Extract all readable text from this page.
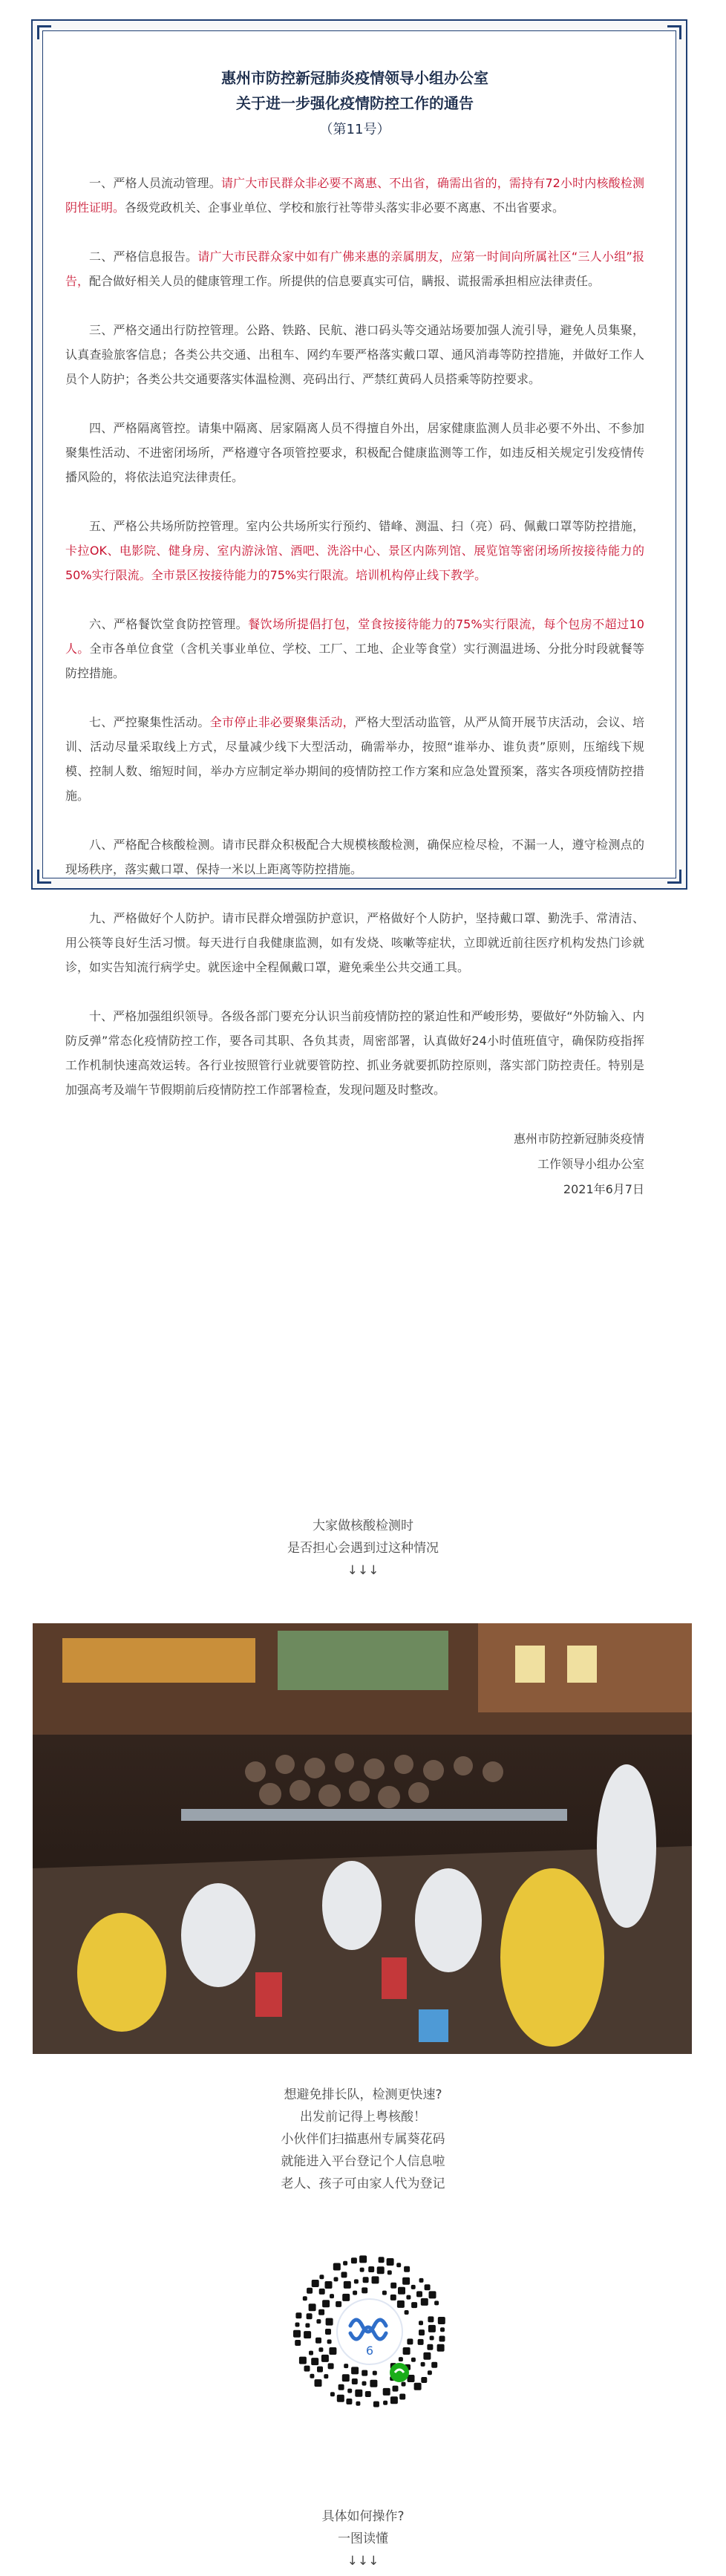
惠州市防控新冠肺炎疫情领导小组办公室

关于进一步强化疫情防控工作的通告

（第11号）

一、严格人员流动管理。请广大市民群众非必要不离惠、不出省，确需出省的，需持有72小时内核酸检测阴性证明。各级党政机关、企事业单位、学校和旅行社等带头落实非必要不离惠、不出省要求。

二、严格信息报告。请广大市民群众家中如有广佛来惠的亲属朋友，应第一时间向所属社区“三人小组”报告，配合做好相关人员的健康管理工作。所提供的信息要真实可信，瞒报、谎报需承担相应法律责任。

三、严格交通出行防控管理。公路、铁路、民航、港口码头等交通站场要加强人流引导，避免人员集聚，认真查验旅客信息；各类公共交通、出租车、网约车要严格落实戴口罩、通风消毒等防控措施，并做好工作人员个人防护；各类公共交通要落实体温检测、亮码出行、严禁红黄码人员搭乘等防控要求。

四、严格隔离管控。请集中隔离、居家隔离人员不得擅自外出，居家健康监测人员非必要不外出、不参加聚集性活动、不进密闭场所，严格遵守各项管控要求，积极配合健康监测等工作，如违反相关规定引发疫情传播风险的，将依法追究法律责任。

五、严格公共场所防控管理。室内公共场所实行预约、错峰、测温、扫（亮）码、佩戴口罩等防控措施，卡拉OK、电影院、健身房、室内游泳馆、酒吧、洗浴中心、景区内陈列馆、展览馆等密闭场所按接待能力的50%实行限流。全市景区按接待能力的75%实行限流。培训机构停止线下教学。

六、严格餐饮堂食防控管理。餐饮场所提倡打包，堂食按接待能力的75%实行限流，每个包房不超过10人。全市各单位食堂（含机关事业单位、学校、工厂、工地、企业等食堂）实行测温进场、分批分时段就餐等防控措施。

七、严控聚集性活动。全市停止非必要聚集活动，严格大型活动监管，从严从简开展节庆活动，会议、培训、活动尽量采取线上方式，尽量减少线下大型活动，确需举办，按照“谁举办、谁负责”原则，压缩线下规模、控制人数、缩短时间，举办方应制定举办期间的疫情防控工作方案和应急处置预案，落实各项疫情防控措施。

八、严格配合核酸检测。请市民群众积极配合大规模核酸检测，确保应检尽检，不漏一人，遵守检测点的现场秩序，落实戴口罩、保持一米以上距离等防控措施。

九、严格做好个人防护。请市民群众增强防护意识，严格做好个人防护，坚持戴口罩、勤洗手、常清洁、用公筷等良好生活习惯。每天进行自我健康监测，如有发烧、咳嗽等症状，立即就近前往医疗机构发热门诊就诊，如实告知流行病学史。就医途中全程佩戴口罩，避免乘坐公共交通工具。

十、严格加强组织领导。各级各部门要充分认识当前疫情防控的紧迫性和严峻形势，要做好“外防输入、内防反弹”常态化疫情防控工作，要各司其职、各负其责，周密部署，认真做好24小时值班值守，确保防疫指挥工作机制快速高效运转。各行业按照管行业就要管防控、抓业务就要抓防控原则，落实部门防控责任。特别是加强高考及端午节假期前后疫情防控工作部署检查，发现问题及时整改。

惠州市防控新冠肺炎疫情
工作领导小组办公室
2021年6月7日
大家做核酸检测时
是否担心会遇到过这种情况
↓↓↓
想避免排长队，检测更快速?
出发前记得上粤核酸！
小伙伴们扫描惠州专属葵花码
就能进入平台登记个人信息啦
老人、孩子可由家人代为登记
6
具体如何操作?
一图读懂
↓↓↓
